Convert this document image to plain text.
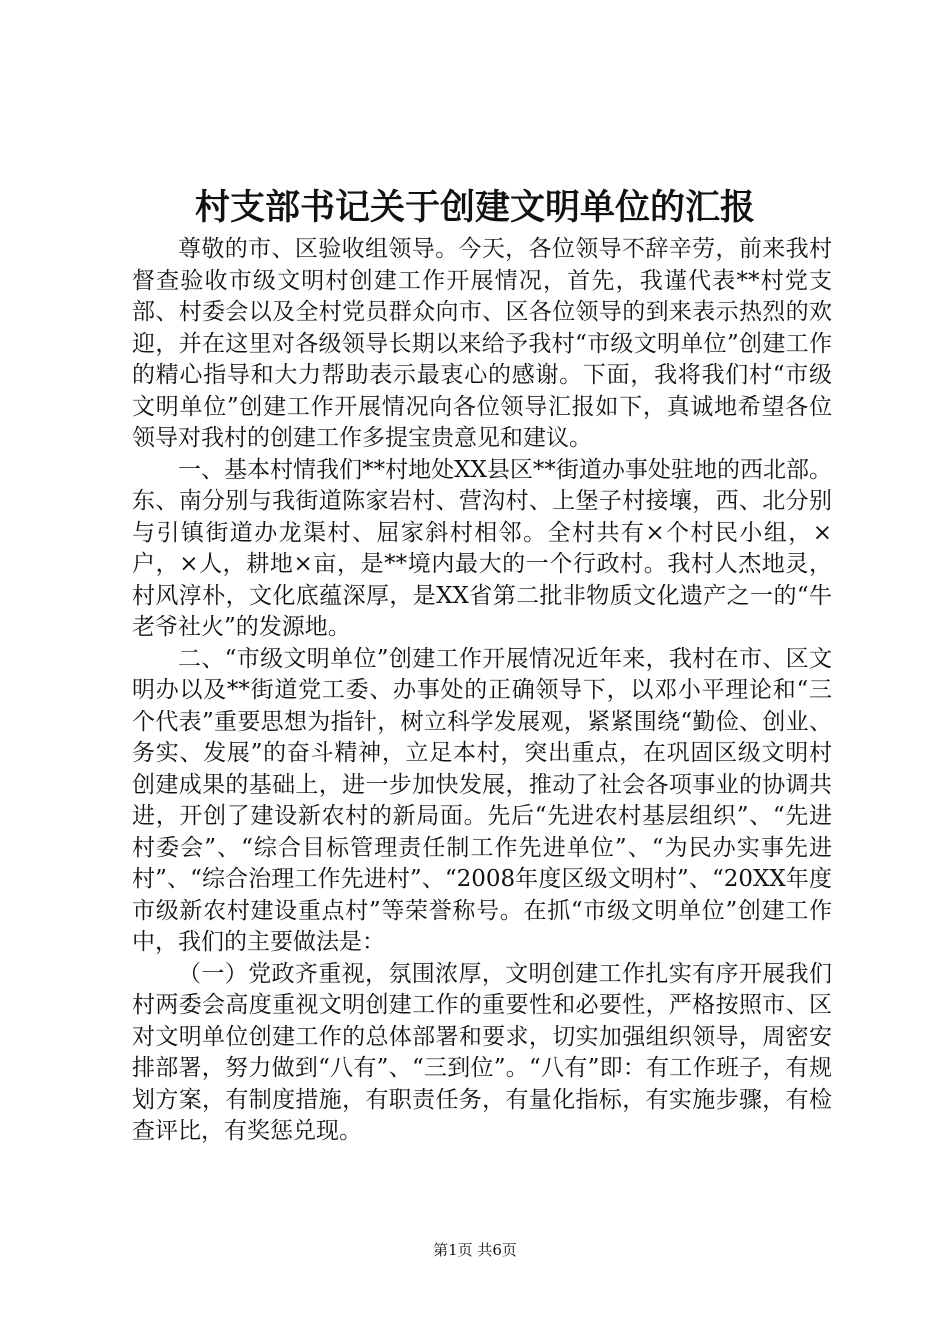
村支部书记关于创建文明单位的汇报

尊敬的市、区验收组领导。今天，各位领导不辞辛劳，前来我村督查验收市级文明村创建工作开展情况，首先，我谨代表**村党支部、村委会以及全村党员群众向市、区各位领导的到来表示热烈的欢迎，并在这里对各级领导长期以来给予我村“市级文明单位”创建工作的精心指导和大力帮助表示最衷心的感谢。下面，我将我们村“市级文明单位”创建工作开展情况向各位领导汇报如下，真诚地希望各位领导对我村的创建工作多提宝贵意见和建议。

一、基本村情我们**村地处XX县区**街道办事处驻地的西北部。东、南分别与我街道陈家岩村、营沟村、上堡子村接壤，西、北分别与引镇街道办龙渠村、屈家斜村相邻。全村共有×个村民小组，×户，×人，耕地×亩，是**境内最大的一个行政村。我村人杰地灵，村风淳朴，文化底蕴深厚，是XX省第二批非物质文化遗产之一的“牛老爷社火”的发源地。

二、“市级文明单位”创建工作开展情况近年来，我村在市、区文明办以及**街道党工委、办事处的正确领导下，以邓小平理论和“三个代表”重要思想为指针，树立科学发展观，紧紧围绕“勤俭、创业、务实、发展”的奋斗精神，立足本村，突出重点，在巩固区级文明村创建成果的基础上，进一步加快发展，推动了社会各项事业的协调共进，开创了建设新农村的新局面。先后“先进农村基层组织”、“先进村委会”、“综合目标管理责任制工作先进单位”、“为民办实事先进村”、“综合治理工作先进村”、“2008年度区级文明村”、“20XX年度市级新农村建设重点村”等荣誉称号。在抓“市级文明单位”创建工作中，我们的主要做法是：

（一）党政齐重视，氛围浓厚，文明创建工作扎实有序开展我们村两委会高度重视文明创建工作的重要性和必要性，严格按照市、区对文明单位创建工作的总体部署和要求，切实加强组织领导，周密安排部署，努力做到“八有”、“三到位”。“八有”即：有工作班子，有规划方案，有制度措施，有职责任务，有量化指标，有实施步骤，有检查评比，有奖惩兑现。

第1页 共6页
